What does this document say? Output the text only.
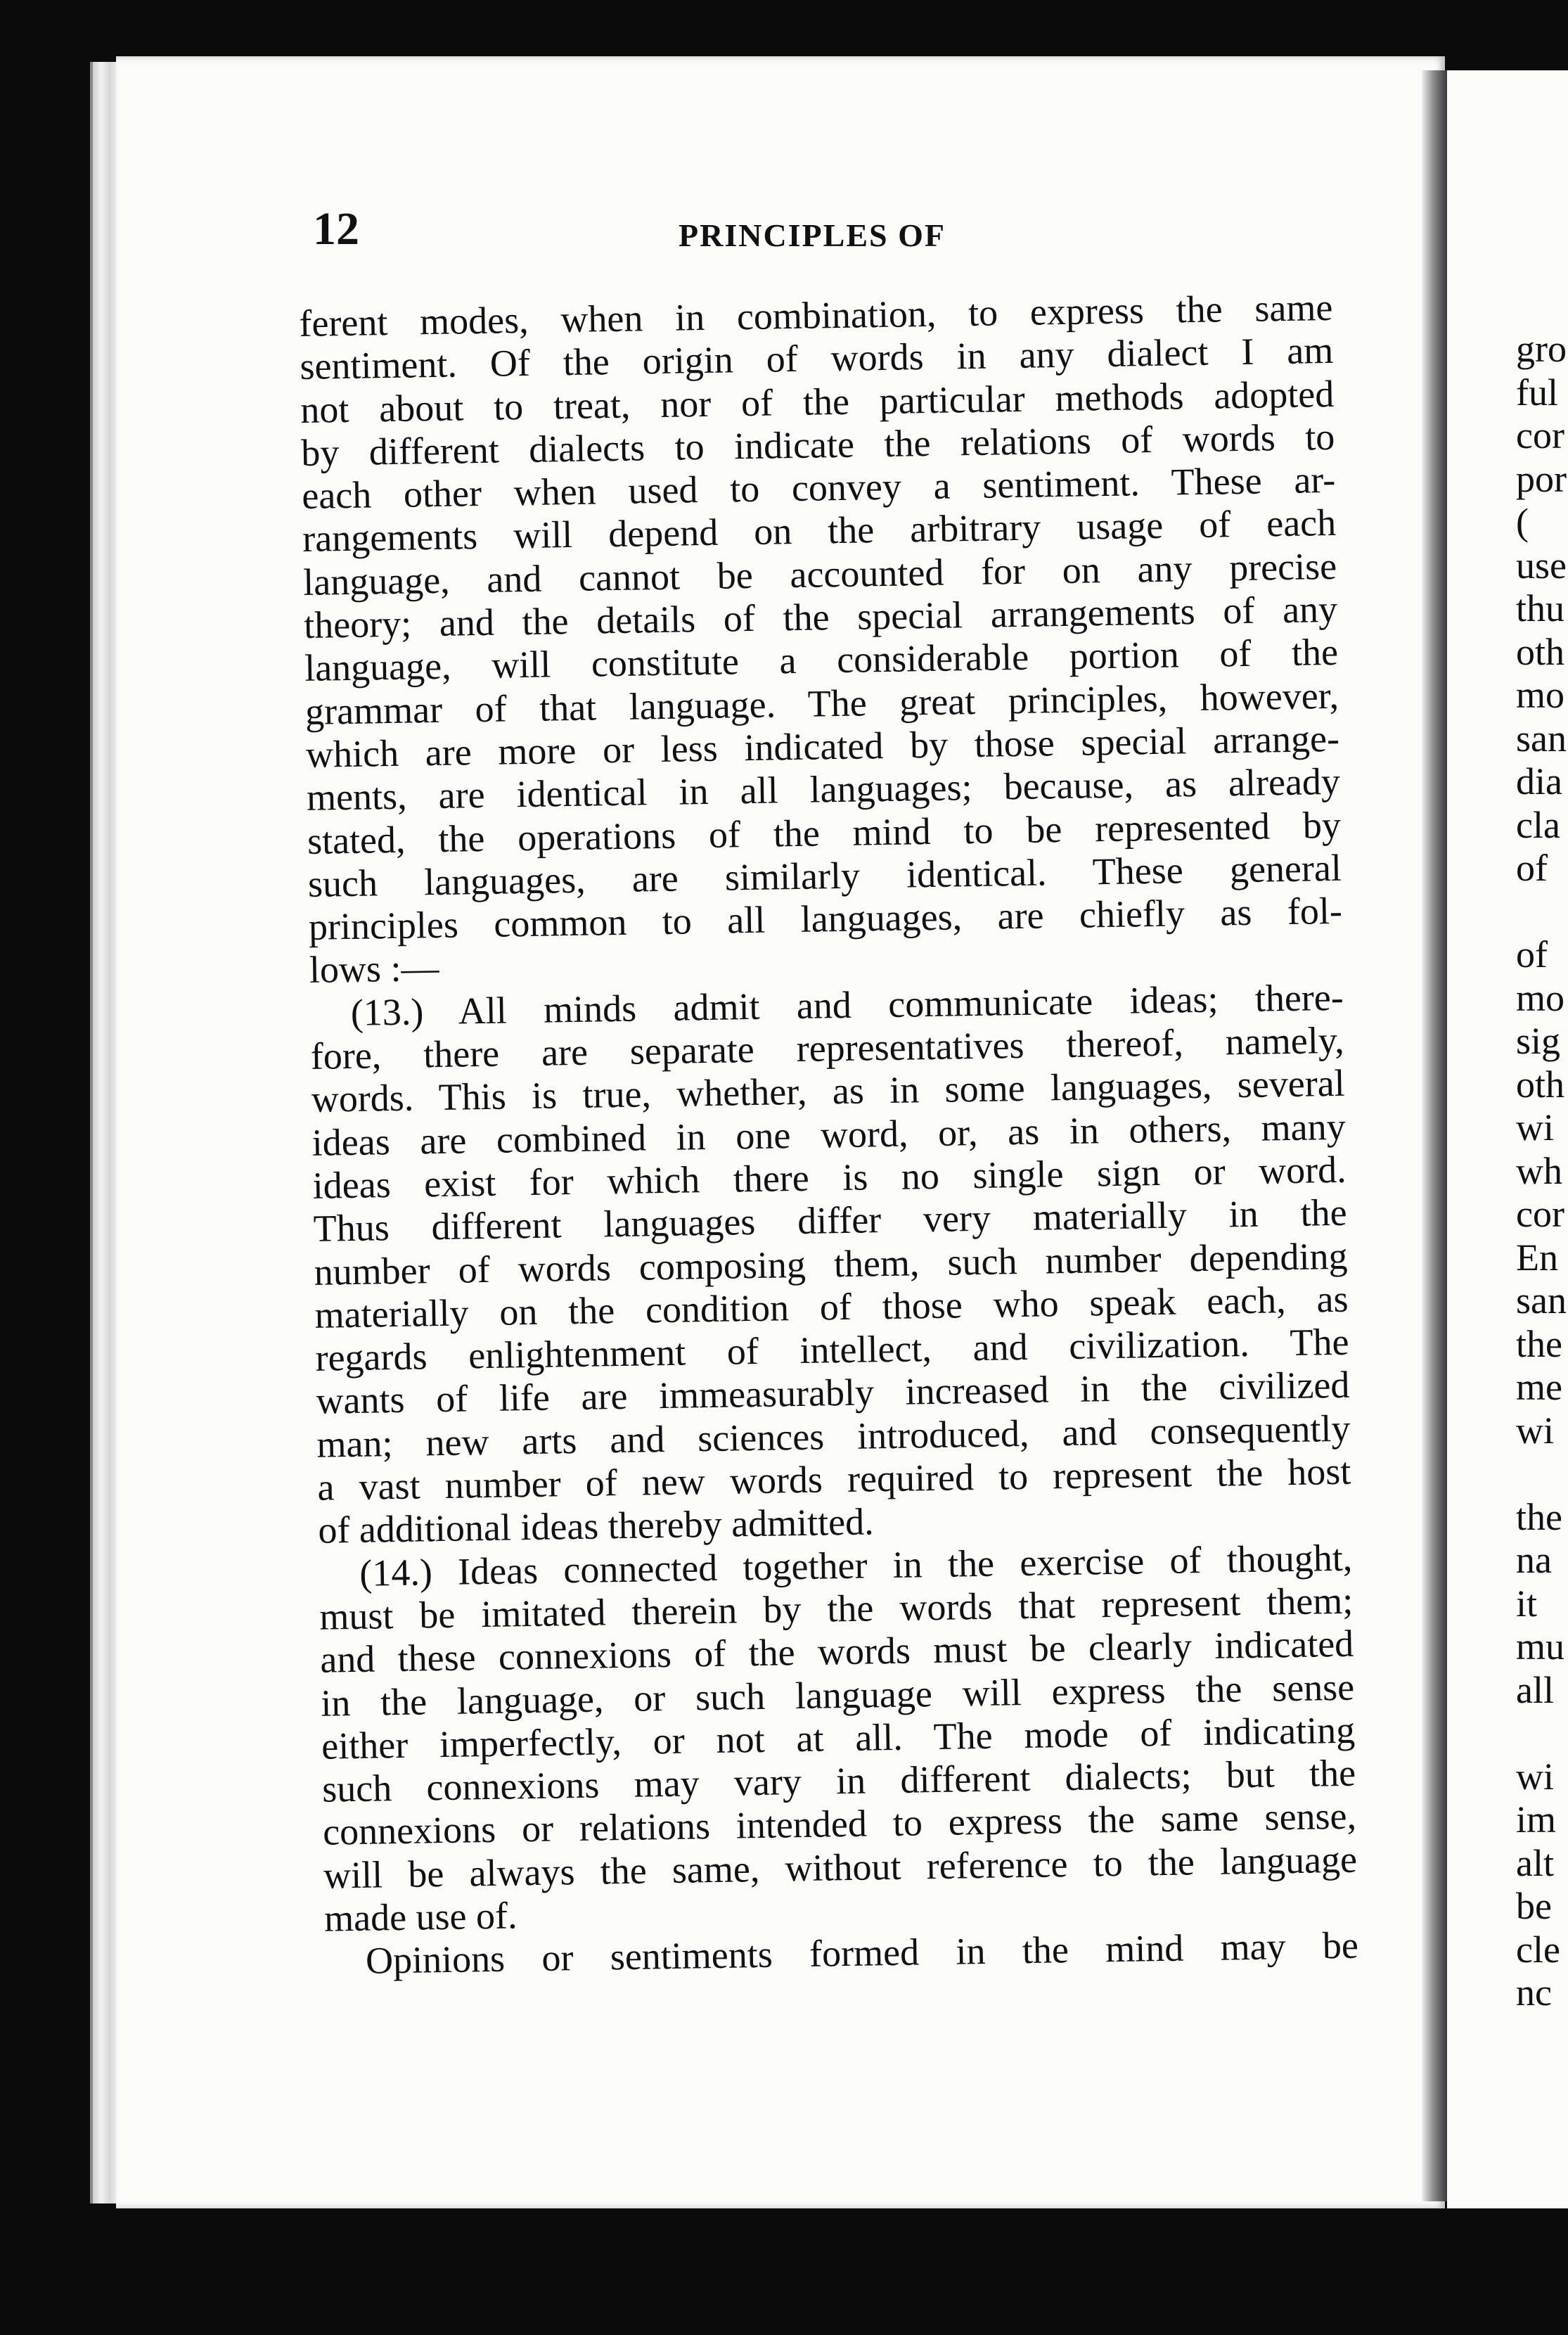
gro
ful
cor
por
(
use
thu
oth
mo
san
dia
cla
of
of
mo
sig
oth
wi
wh
cor
En
san
the
me
wi
the
na
it
mu
all
wi
im
alt
be
cle
nc

12	PRINCIPLES OF

ferent modes, when in combination, to express the same
sentiment. Of the origin of words in any dialect I am
not about to treat, nor of the particular methods adopted
by different dialects to indicate the relations of words to
each other when used to convey a sentiment. These ar-
rangements will depend on the arbitrary usage of each
language, and cannot be accounted for on any precise
theory; and the details of the special arrangements of any
language, will constitute a considerable portion of the
grammar of that language. The great principles, however,
which are more or less indicated by those special arrange-
ments, are identical in all languages; because, as already
stated, the operations of the mind to be represented by
such languages, are similarly identical. These general
principles common to all languages, are chiefly as fol-
lows :—
(13.) All minds admit and communicate ideas; there-
fore, there are separate representatives thereof, namely,
words. This is true, whether, as in some languages, several
ideas are combined in one word, or, as in others, many
ideas exist for which there is no single sign or word.
Thus different languages differ very materially in the
number of words composing them, such number depending
materially on the condition of those who speak each, as
regards enlightenment of intellect, and civilization. The
wants of life are immeasurably increased in the civilized
man; new arts and sciences introduced, and consequently
a vast number of new words required to represent the host
of additional ideas thereby admitted.
(14.) Ideas connected together in the exercise of thought,
must be imitated therein by the words that represent them;
and these connexions of the words must be clearly indicated
in the language, or such language will express the sense
either imperfectly, or not at all. The mode of indicating
such connexions may vary in different dialects; but the
connexions or relations intended to express the same sense,
will be always the same, without reference to the language
made use of.
Opinions or sentiments formed in the mind may be
